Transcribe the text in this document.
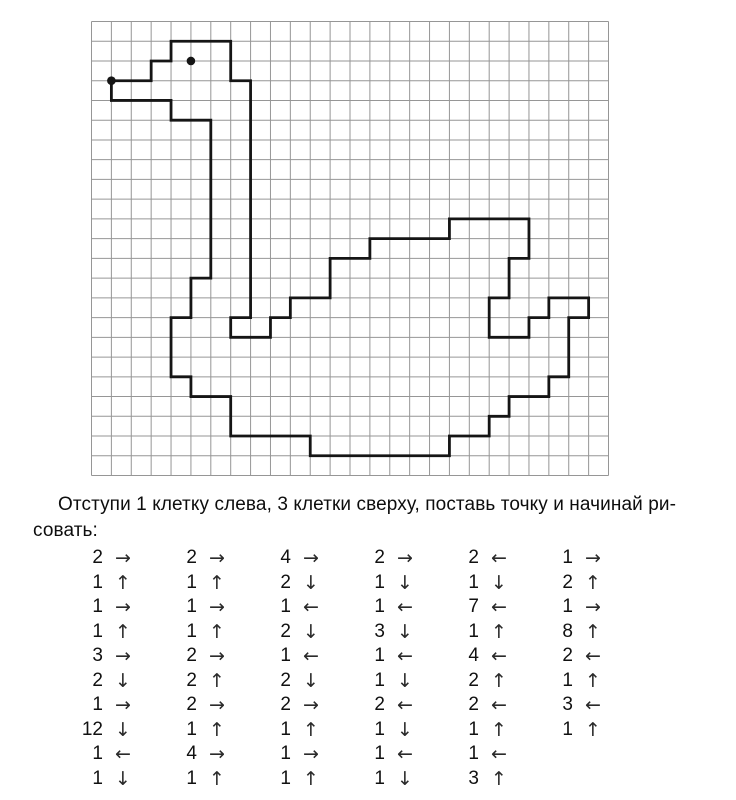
Отступи 1 клетку слева, 3 клетки сверху, поставь точку и начинай ри-
совать:
2 →
1 ↑
1 →
1 ↑
3 →
2 ↓
1 →
12 ↓
1 ←
1 ↓
2 →
1 ↑
1 →
1 ↑
2 →
2 ↑
2 →
1 ↑
4 →
1 ↑
4 →
2 ↓
1 ←
2 ↓
1 ←
2 ↓
2 →
1 ↑
1 →
1 ↑
2 →
1 ↓
1 ←
3 ↓
1 ←
1 ↓
2 ←
1 ↓
1 ←
1 ↓
2 ←
1 ↓
7 ←
1 ↑
4 ←
2 ↑
2 ←
1 ↑
1 ←
3 ↑
1 →
2 ↑
1 →
8 ↑
2 ←
1 ↑
3 ←
1 ↑
